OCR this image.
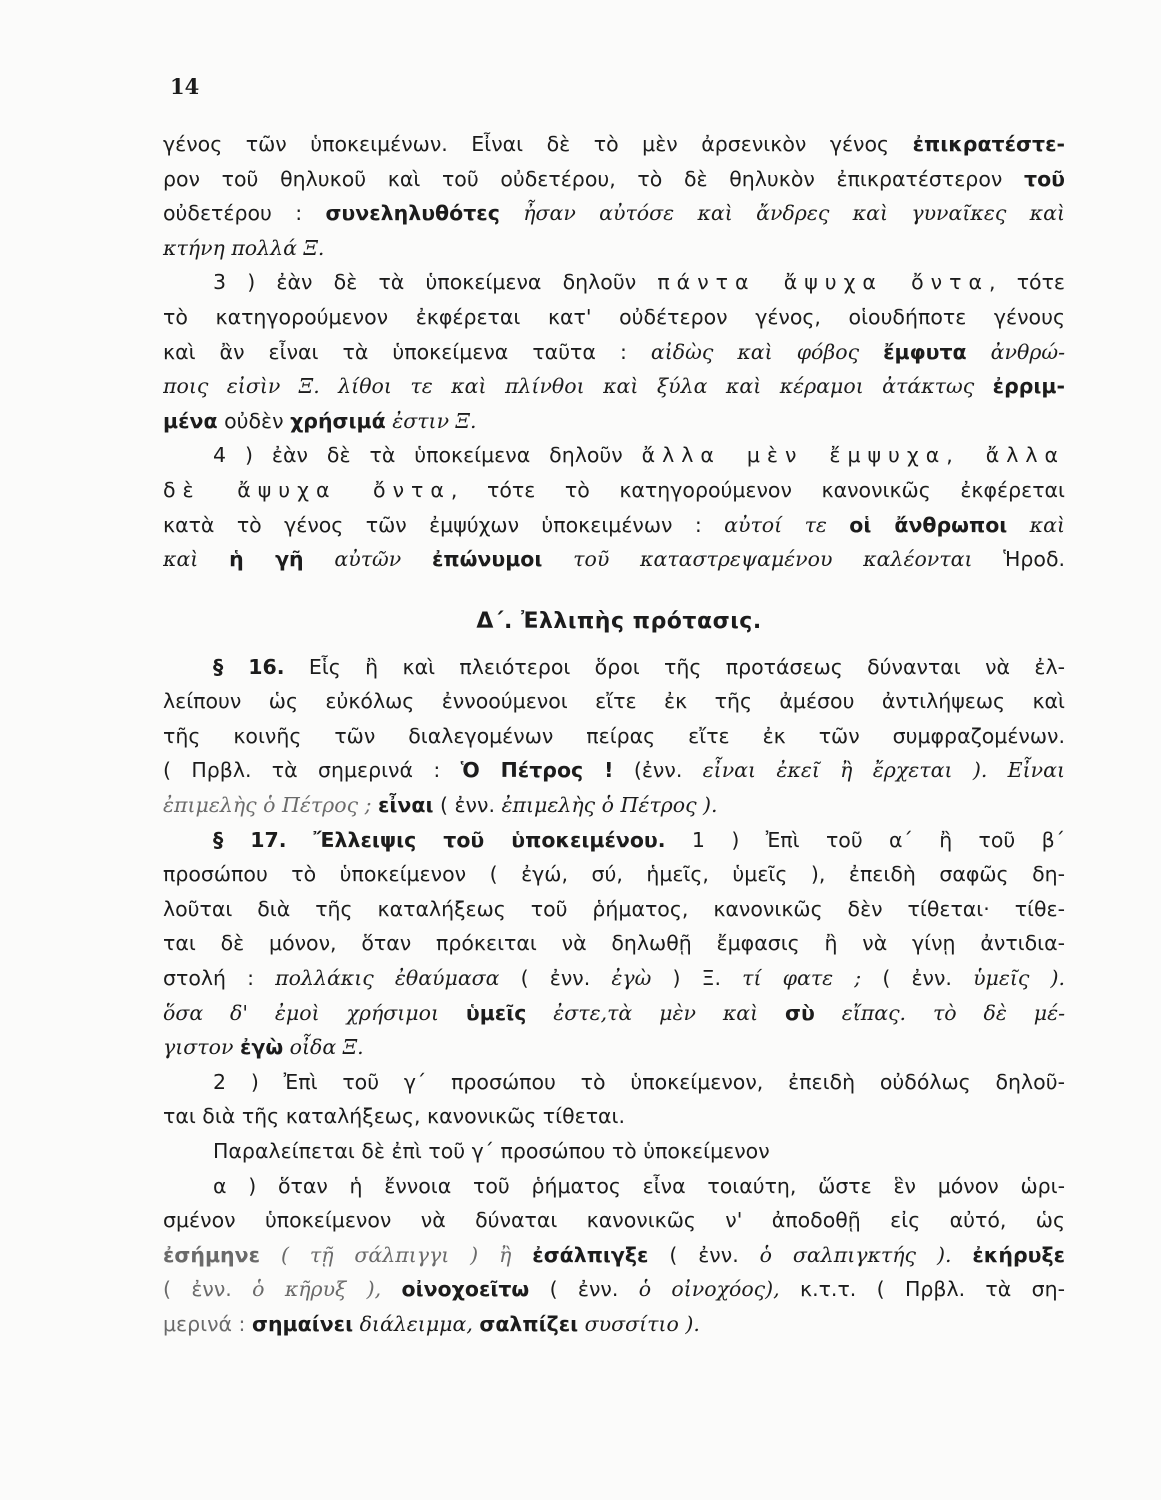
14
γένος τῶν ὑποκειμένων. Εἶναι δὲ τὸ μὲν ἀρσενικὸν γένος ἐπικρατέστε-
ρον τοῦ θηλυκοῦ καὶ τοῦ οὐδετέρου, τὸ δὲ θηλυκὸν ἐπικρατέστερον τοῦ
οὐδετέρου : συνεληλυθότες ἦσαν αὐτόσε καὶ ἄνδρες καὶ γυναῖκες καὶ
κτήνη πολλά Ξ.
3 ) ἐὰν δὲ τὰ ὑποκείμενα δηλοῦν πάντα ἄψυχα ὄντα, τότε
τὸ κατηγορούμενον ἐκφέρεται κατ' οὐδέτερον γένος, οἱουδήποτε γένους
καὶ ἂν εἶναι τὰ ὑποκείμενα ταῦτα : αἰδὼς καὶ φόβος ἔμφυτα ἀνθρώ-
ποις εἰσὶν Ξ. λίθοι τε καὶ πλίνθοι καὶ ξύλα καὶ κέραμοι ἀτάκτως ἐρριμ-
μένα οὐδὲν χρήσιμά ἐστιν Ξ.
4 ) ἐὰν δὲ τὰ ὑποκείμενα δηλοῦν ἄλλα μὲν ἔμψυχα, ἄλλα
δὲ ἄψυχα ὄντα, τότε τὸ κατηγορούμενον κανονικῶς ἐκφέρεται
κατὰ τὸ γένος τῶν ἐμψύχων ὑποκειμένων : αὐτοί τε οἱ ἄνθρωποι καὶ
καὶ ἡ γῆ αὐτῶν ἐπώνυμοι τοῦ καταστρεψαμένου καλέονται Ἡροδ.
Δ΄. Ἐλλιπὴς πρότασις.
§ 16. Εἷς ἢ καὶ πλειότεροι ὅροι τῆς προτάσεως δύνανται νὰ ἐλ-
λείπουν ὡς εὐκόλως ἐννοούμενοι εἴτε ἐκ τῆς ἀμέσου ἀντιλήψεως καὶ
τῆς κοινῆς τῶν διαλεγομένων πείρας εἴτε ἐκ τῶν συμφραζομένων.
( Πρβλ. τὰ σημερινά : Ὁ Πέτρος ! (ἐνν. εἶναι ἐκεῖ ἢ ἔρχεται ). Εἶναι
ἐπιμελὴς ὁ Πέτρος ; εἶναι ( ἐνν. ἐπιμελὴς ὁ Πέτρος ).
§ 17. Ἔλλειψις τοῦ ὑποκειμένου. 1 ) Ἐπὶ τοῦ α΄ ἢ τοῦ β΄
προσώπου τὸ ὑποκείμενον ( ἐγώ, σύ, ἡμεῖς, ὑμεῖς ), ἐπειδὴ σαφῶς δη-
λοῦται διὰ τῆς καταλήξεως τοῦ ῥήματος, κανονικῶς δὲν τίθεται· τίθε-
ται δὲ μόνον, ὅταν πρόκειται νὰ δηλωθῇ ἔμφασις ἢ νὰ γίνῃ ἀντιδια-
στολή : πολλάκις ἐθαύμασα ( ἐνν. ἐγὼ ) Ξ. τί φατε ; ( ἐνν. ὑμεῖς ).
ὅσα δ' ἐμοὶ χρήσιμοι ὑμεῖς ἐστε,τὰ μὲν καὶ σὺ εἴπας. τὸ δὲ μέ-
γιστον ἐγὼ οἶδα Ξ.
2 ) Ἐπὶ τοῦ γ΄ προσώπου τὸ ὑποκείμενον, ἐπειδὴ οὐδόλως δηλοῦ-
ται διὰ τῆς καταλήξεως, κανονικῶς τίθεται.
Παραλείπεται δὲ ἐπὶ τοῦ γ΄ προσώπου τὸ ὑποκείμενον
α ) ὅταν ἡ ἔννοια τοῦ ῥήματος εἶνα τοιαύτη, ὥστε ἓν μόνον ὡρι-
σμένον ὑποκείμενον νὰ δύναται κανονικῶς ν' ἀποδοθῇ εἰς αὐτό, ὡς
ἐσήμηνε ( τῇ σάλπιγγι ) ἢ ἐσάλπιγξε ( ἐνν. ὁ σαλπιγκτής ). ἐκήρυξε
( ἐνν. ὁ κῆρυξ ), οἰνοχοεῖτω ( ἐνν. ὁ οἰνοχόος), κ.τ.τ. ( Πρβλ. τὰ ση-
μερινά : σημαίνει διάλειμμα, σαλπίζει συσσίτιο ).
